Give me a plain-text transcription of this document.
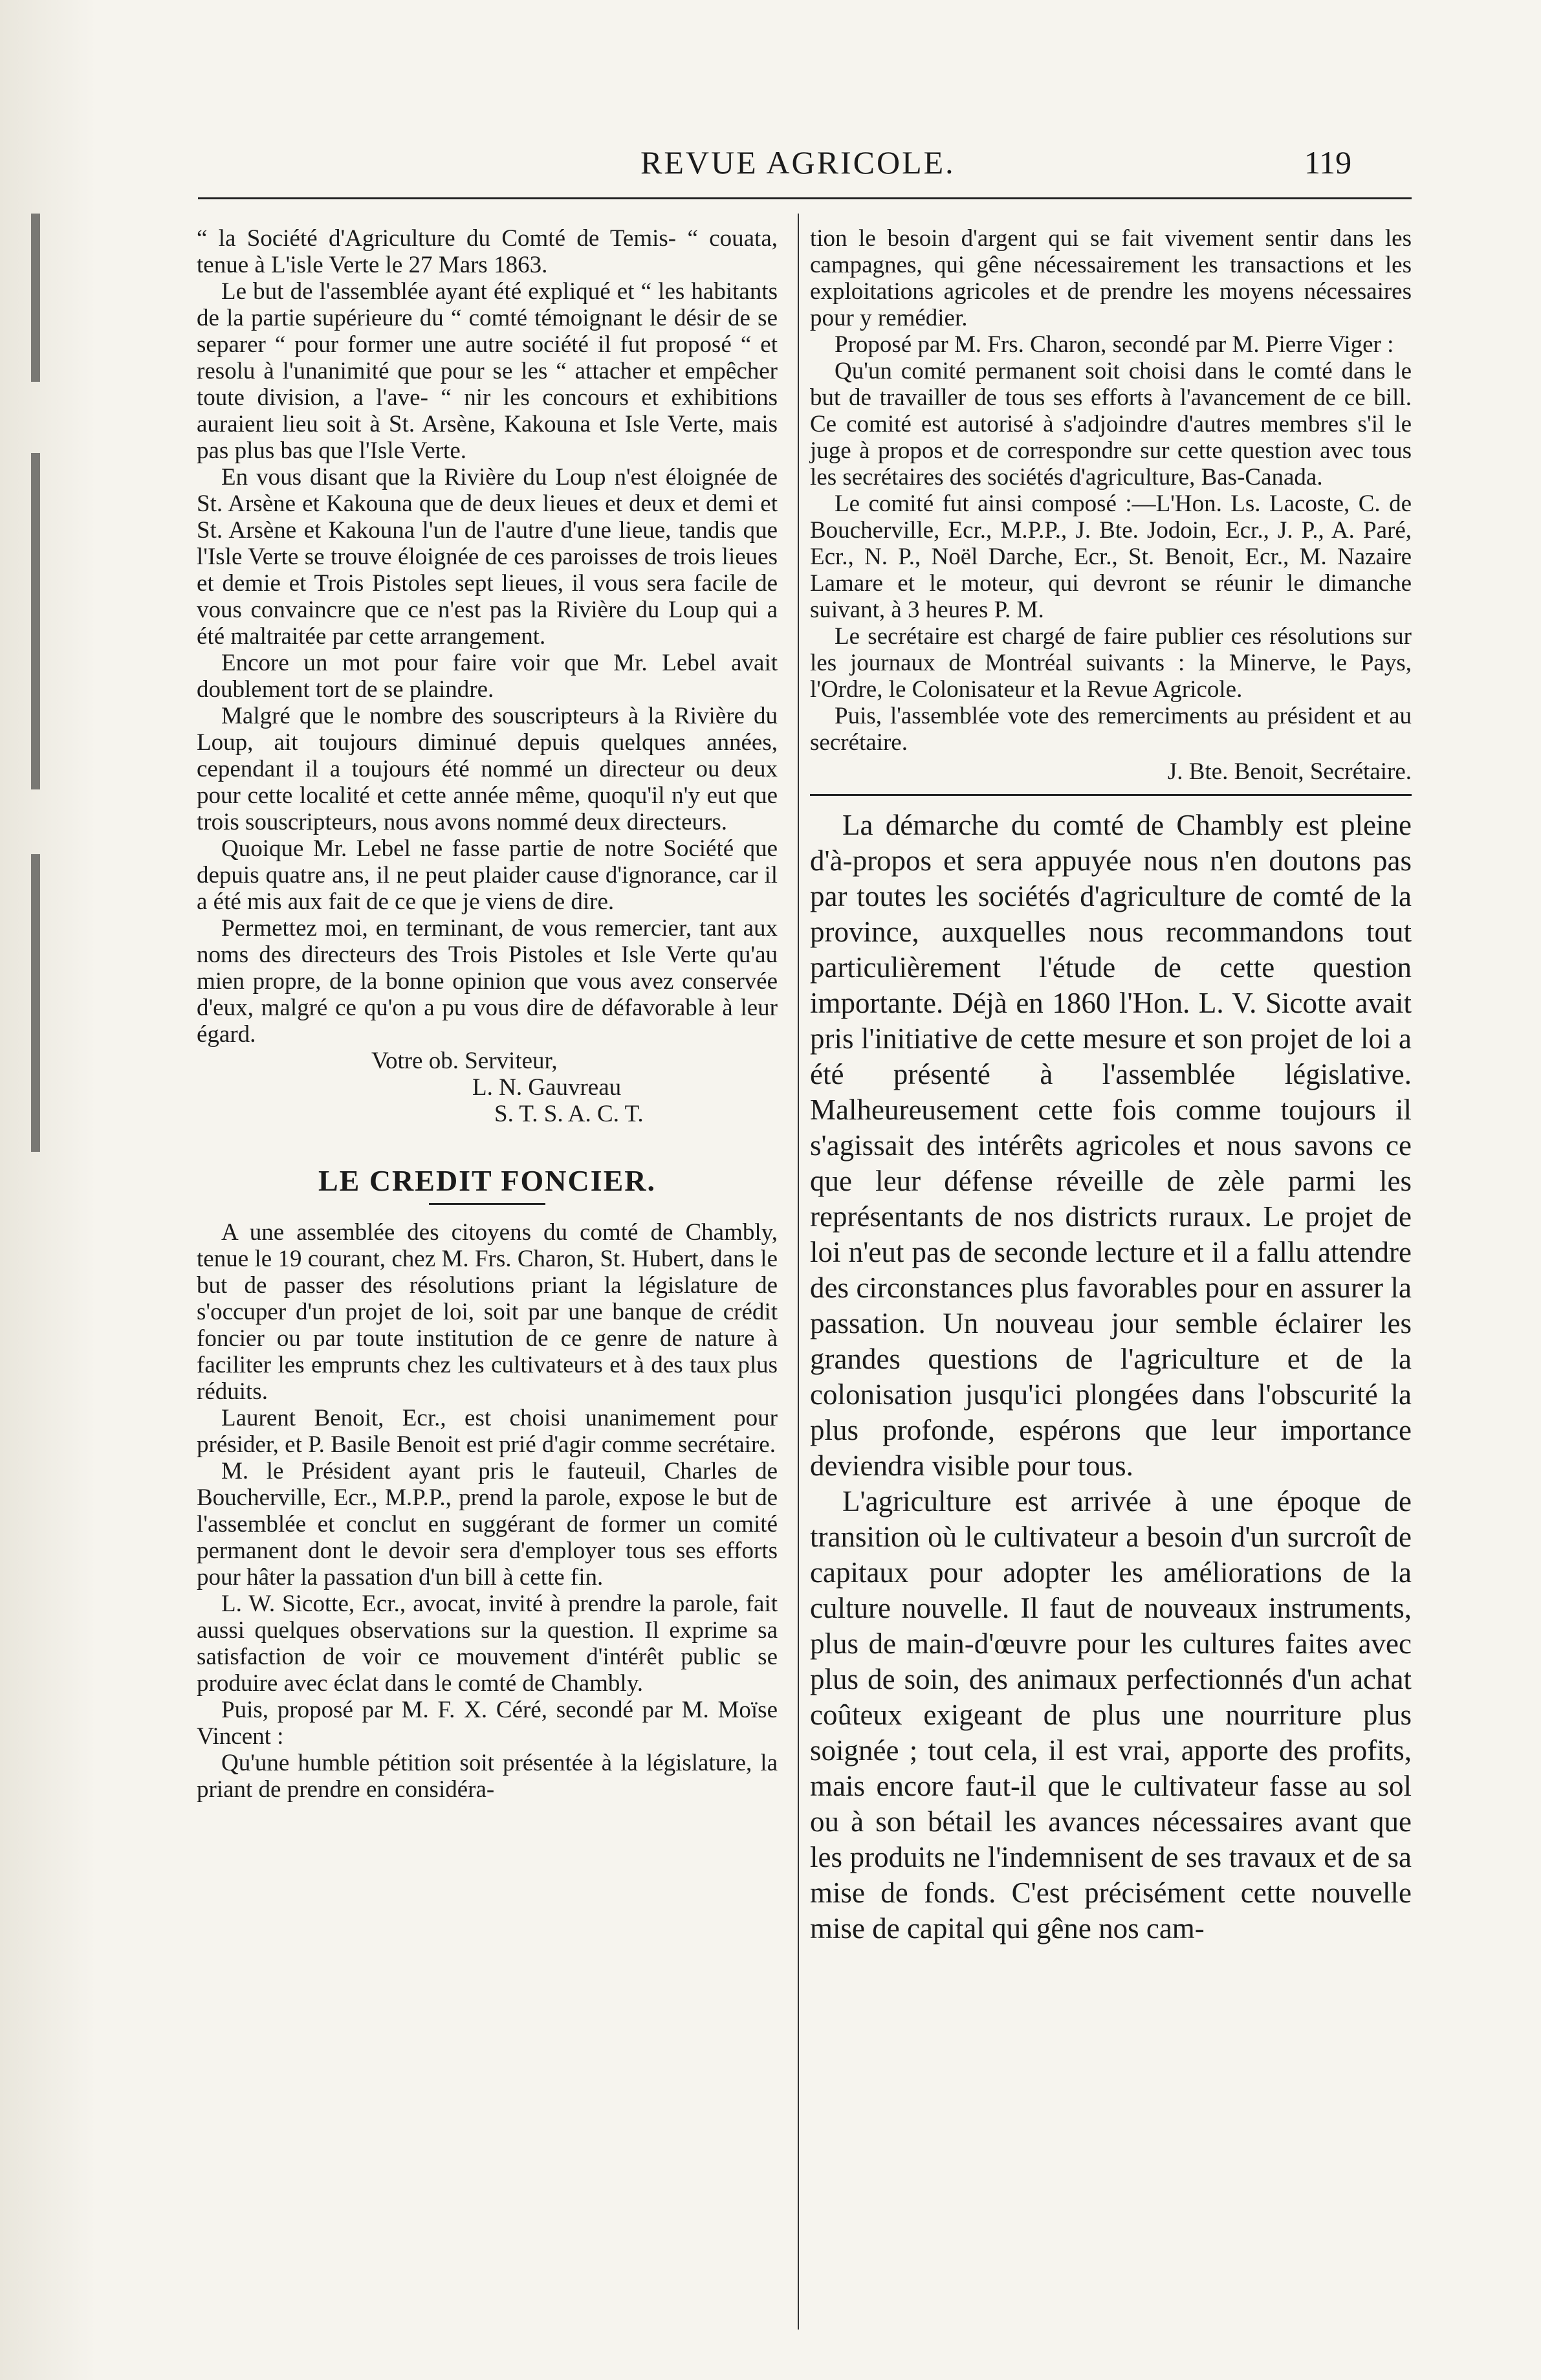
REVUE AGRICOLE.	119

“ la Société d'Agriculture du Comté de Temis- “ couata, tenue à L'isle Verte le 27 Mars 1863.

Le but de l'assemblée ayant été expliqué et “ les habitants de la partie supérieure du “ comté témoignant le désir de se separer “ pour former une autre société il fut proposé “ et resolu à l'unanimité que pour se les “ attacher et empêcher toute division, a l'ave- “ nir les concours et exhibitions auraient lieu soit à St. Arsène, Kakouna et Isle Verte, mais pas plus bas que l'Isle Verte.

En vous disant que la Rivière du Loup n'est éloignée de St. Arsène et Kakouna que de deux lieues et deux et demi et St. Arsène et Kakouna l'un de l'autre d'une lieue, tandis que l'Isle Verte se trouve éloignée de ces paroisses de trois lieues et demie et Trois Pistoles sept lieues, il vous sera facile de vous convaincre que ce n'est pas la Rivière du Loup qui a été maltraitée par cette arrangement.

Encore un mot pour faire voir que Mr. Lebel avait doublement tort de se plaindre.

Malgré que le nombre des souscripteurs à la Rivière du Loup, ait toujours diminué depuis quelques années, cependant il a toujours été nommé un directeur ou deux pour cette localité et cette année même, quoqu'il n'y eut que trois souscripteurs, nous avons nommé deux directeurs.

Quoique Mr. Lebel ne fasse partie de notre Société que depuis quatre ans, il ne peut plaider cause d'ignorance, car il a été mis aux fait de ce que je viens de dire.

Permettez moi, en terminant, de vous remercier, tant aux noms des directeurs des Trois Pistoles et Isle Verte qu'au mien propre, de la bonne opinion que vous avez conservée d'eux, malgré ce qu'on a pu vous dire de défavorable à leur égard.

Votre ob. Serviteur,
L. N. Gauvreau
S. T. S. A. C. T.
LE CREDIT FONCIER.

A une assemblée des citoyens du comté de Chambly, tenue le 19 courant, chez M. Frs. Charon, St. Hubert, dans le but de passer des résolutions priant la législature de s'occuper d'un projet de loi, soit par une banque de crédit foncier ou par toute institution de ce genre de nature à faciliter les emprunts chez les cultivateurs et à des taux plus réduits.

Laurent Benoit, Ecr., est choisi unanimement pour présider, et P. Basile Benoit est prié d'agir comme secrétaire.

M. le Président ayant pris le fauteuil, Charles de Boucherville, Ecr., M.P.P., prend la parole, expose le but de l'assemblée et conclut en suggérant de former un comité permanent dont le devoir sera d'employer tous ses efforts pour hâter la passation d'un bill à cette fin.

L. W. Sicotte, Ecr., avocat, invité à prendre la parole, fait aussi quelques observations sur la question. Il exprime sa satisfaction de voir ce mouvement d'intérêt public se produire avec éclat dans le comté de Chambly.

Puis, proposé par M. F. X. Céré, secondé par M. Moïse Vincent :

Qu'une humble pétition soit présentée à la législature, la priant de prendre en considéra-

tion le besoin d'argent qui se fait vivement sentir dans les campagnes, qui gêne nécessairement les transactions et les exploitations agricoles et de prendre les moyens nécessaires pour y remédier.

Proposé par M. Frs. Charon, secondé par M. Pierre Viger :

Qu'un comité permanent soit choisi dans le comté dans le but de travailler de tous ses efforts à l'avancement de ce bill. Ce comité est autorisé à s'adjoindre d'autres membres s'il le juge à propos et de correspondre sur cette question avec tous les secrétaires des sociétés d'agriculture, Bas-Canada.

Le comité fut ainsi composé :—L'Hon. Ls. Lacoste, C. de Boucherville, Ecr., M.P.P., J. Bte. Jodoin, Ecr., J. P., A. Paré, Ecr., N. P., Noël Darche, Ecr., St. Benoit, Ecr., M. Nazaire Lamare et le moteur, qui devront se réunir le dimanche suivant, à 3 heures P. M.

Le secrétaire est chargé de faire publier ces résolutions sur les journaux de Montréal suivants : la Minerve, le Pays, l'Ordre, le Colonisateur et la Revue Agricole.

Puis, l'assemblée vote des remerciments au président et au secrétaire.

J. Bte. Benoit, Secrétaire.

La démarche du comté de Chambly est pleine d'à-propos et sera appuyée nous n'en doutons pas par toutes les sociétés d'agriculture de comté de la province, auxquelles nous recommandons tout particulièrement l'étude de cette question importante. Déjà en 1860 l'Hon. L. V. Sicotte avait pris l'initiative de cette mesure et son projet de loi a été présenté à l'assemblée législative. Malheureusement cette fois comme toujours il s'agissait des intérêts agricoles et nous savons ce que leur défense réveille de zèle parmi les représentants de nos districts ruraux. Le projet de loi n'eut pas de seconde lecture et il a fallu attendre des circonstances plus favorables pour en assurer la passation. Un nouveau jour semble éclairer les grandes questions de l'agriculture et de la colonisation jusqu'ici plongées dans l'obscurité la plus profonde, espérons que leur importance deviendra visible pour tous.

L'agriculture est arrivée à une époque de transition où le cultivateur a besoin d'un surcroît de capitaux pour adopter les améliorations de la culture nouvelle. Il faut de nouveaux instruments, plus de main-d'œuvre pour les cultures faites avec plus de soin, des animaux perfectionnés d'un achat coûteux exigeant de plus une nourriture plus soignée ; tout cela, il est vrai, apporte des profits, mais encore faut-il que le cultivateur fasse au sol ou à son bétail les avances nécessaires avant que les produits ne l'indemnisent de ses travaux et de sa mise de fonds. C'est précisément cette nouvelle mise de capital qui gêne nos cam-
